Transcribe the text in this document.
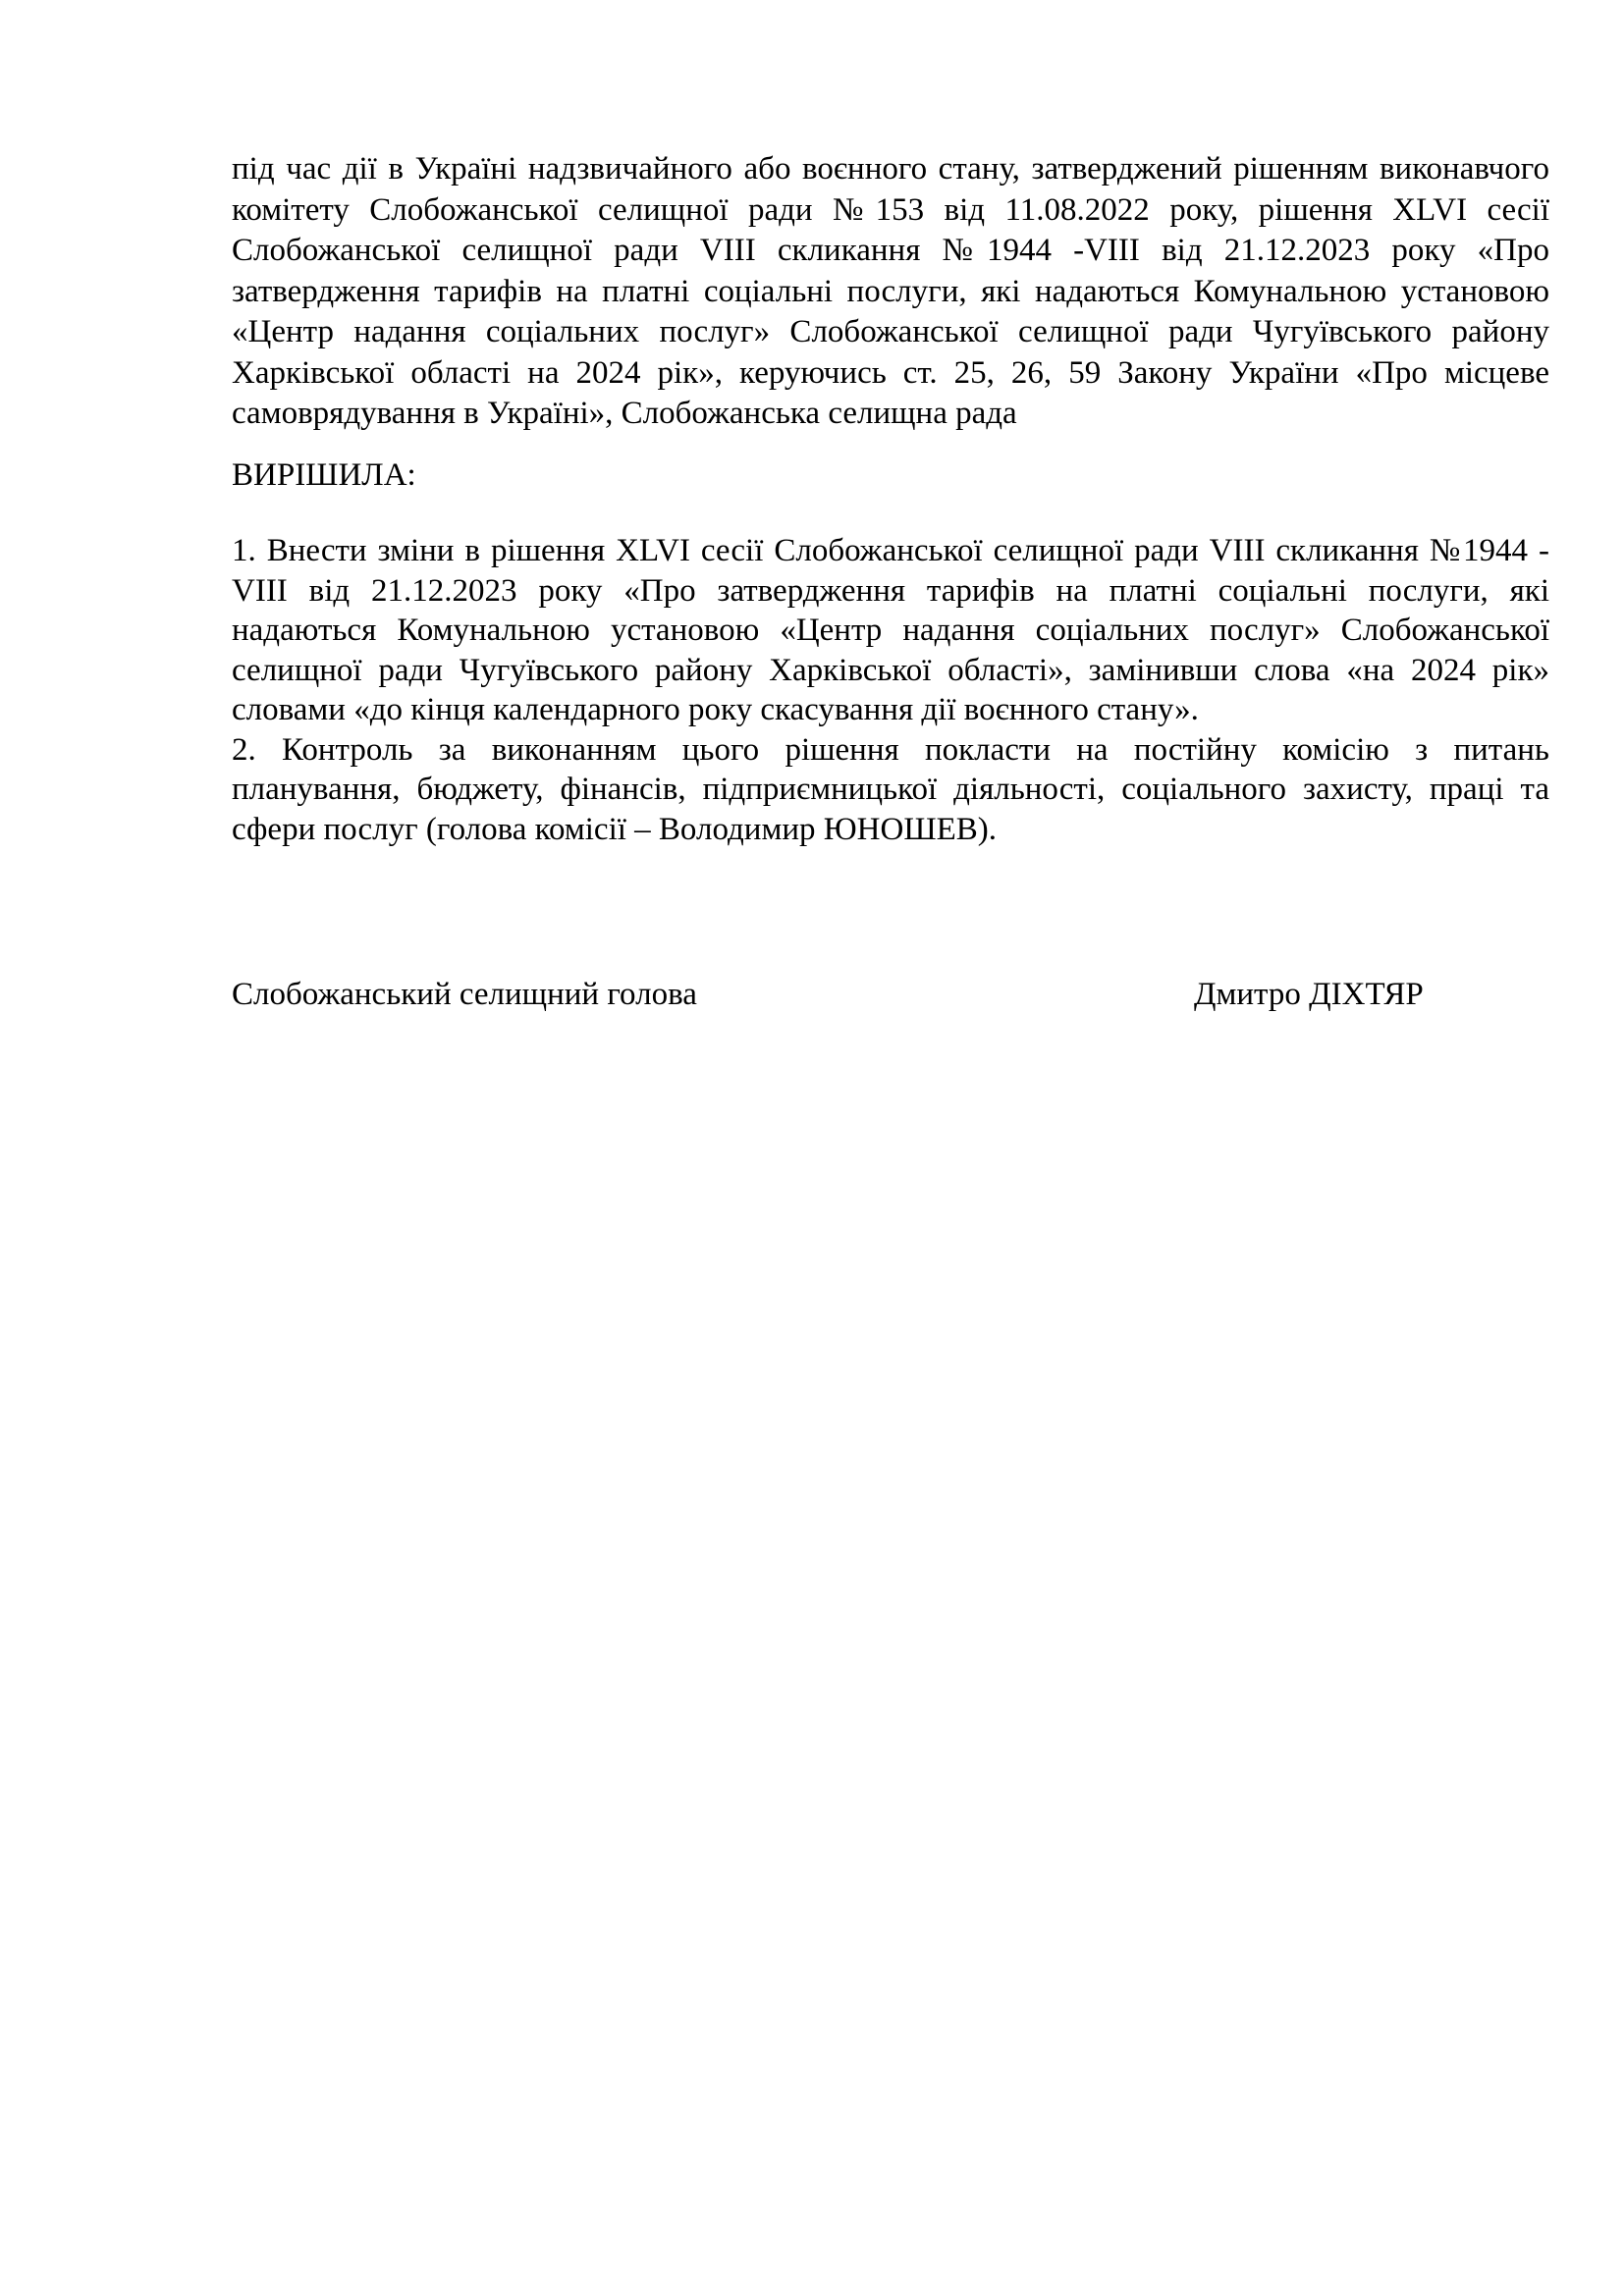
під час дії в Україні надзвичайного або воєнного стану, затверджений рішенням виконавчого
комітету Слобожанської селищної ради №153 від 11.08.2022 року, рішення XLVI сесії
Слобожанської селищної ради VIII скликання №1944 -VIII від 21.12.2023 року «Про
затвердження тарифів на платні соціальні послуги, які надаються Комунальною установою
«Центр надання соціальних послуг» Слобожанської селищної ради Чугуївського району
Харківської області на 2024 рік», керуючись ст. 25, 26, 59 Закону України «Про місцеве
самоврядування в Україні», Слобожанська селищна рада

ВИРІШИЛА:

1. Внести зміни в рішення XLVI сесії Слобожанської селищної ради VIII скликання №1944 -
VIII від 21.12.2023 року «Про затвердження тарифів на платні соціальні послуги, які
надаються Комунальною установою «Центр надання соціальних послуг» Слобожанської
селищної ради Чугуївського району Харківської області», замінивши слова «на 2024 рік»
словами «до кінця календарного року скасування дії воєнного стану».
2. Контроль за виконанням цього рішення покласти на постійну комісію з питань
планування, бюджету, фінансів, підприємницької діяльності, соціального захисту, праці та
сфери послуг (голова комісії – Володимир ЮНОШЕВ).
Слобожанський селищний голова	Дмитро ДІХТЯР
